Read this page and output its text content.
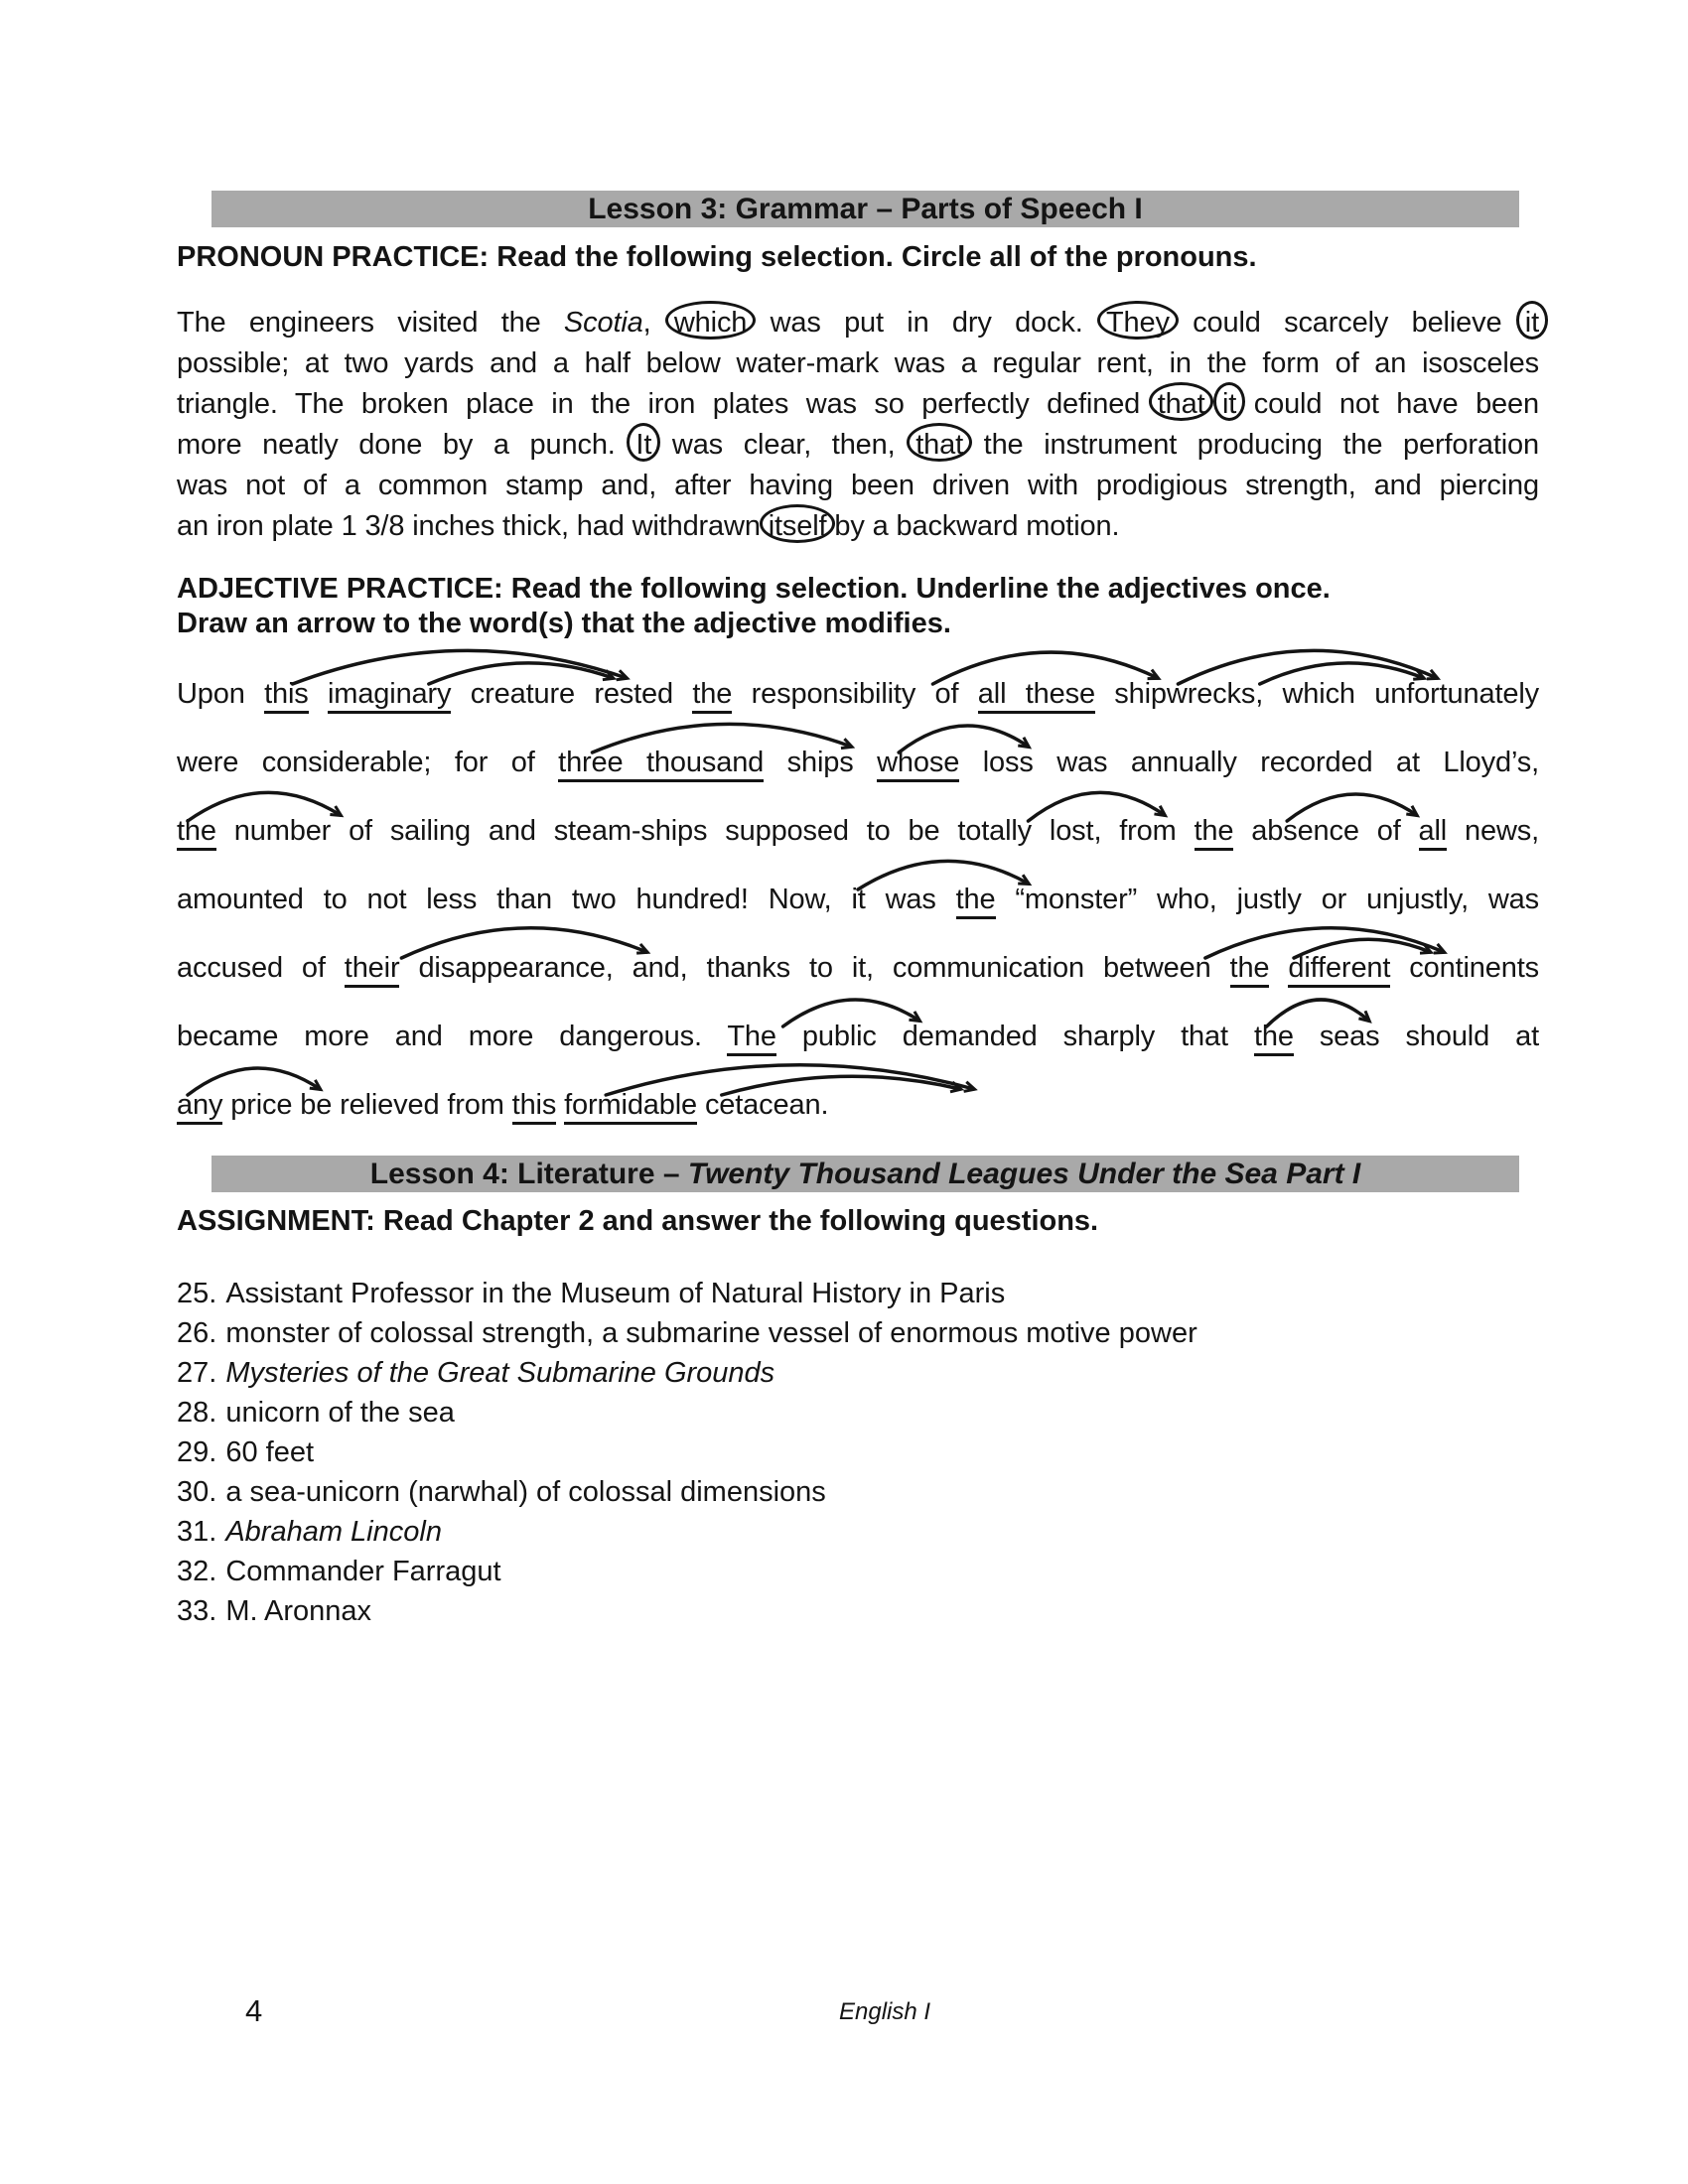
Lesson 3: Grammar – Parts of Speech I
PRONOUN PRACTICE: Read the following selection. Circle all of the pronouns.
The engineers visited the Scotia, which was put in dry dock. They could scarcely believe it
possible; at two yards and a half below water-mark was a regular rent, in the form of an isosceles
triangle. The broken place in the iron plates was so perfectly defined that it could not have been
more neatly done by a punch. It was clear, then, that the instrument producing the perforation
was not of a common stamp and, after having been driven with prodigious strength, and piercing
an iron plate 1 3/8 inches thick, had withdrawn itself by a backward motion.
ADJECTIVE PRACTICE: Read the following selection. Underline the adjectives once.
Draw an arrow to the word(s) that the adjective modifies.
Upon this imaginary creature rested the responsibility of all these shipwrecks, which unfortunately
were considerable; for of three thousand ships whose loss was annually recorded at Lloyd’s,
the number of sailing and steam-ships supposed to be totally lost, from the absence of all news,
amounted to not less than two hundred! Now, it was the “monster” who, justly or unjustly, was
accused of their disappearance, and, thanks to it, communication between the different continents
became more and more dangerous. The public demanded sharply that the seas should at
any price be relieved from this formidable cetacean.
Lesson 4: Literature – Twenty Thousand Leagues Under the Sea Part I
ASSIGNMENT: Read Chapter 2 and answer the following questions.
25. Assistant Professor in the Museum of Natural History in Paris
26. monster of colossal strength, a submarine vessel of enormous motive power
27. Mysteries of the Great Submarine Grounds
28. unicorn of the sea
29. 60 feet
30. a sea-unicorn (narwhal) of colossal dimensions
31. Abraham Lincoln
32. Commander Farragut
33. M. Aronnax
4	English I
